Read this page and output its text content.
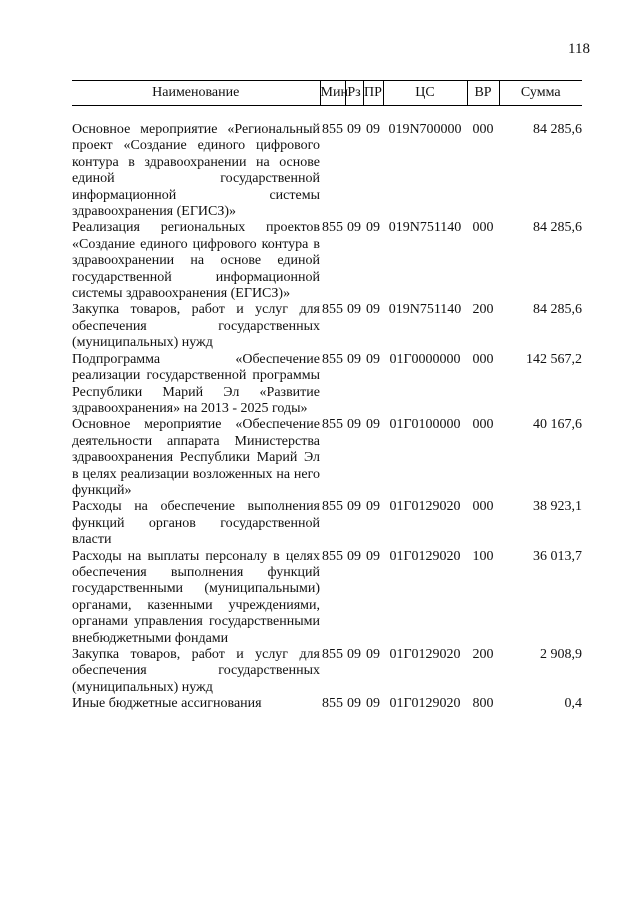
118
Наименование	Мин	Рз	ПР	ЦС	ВР	Сумма

Основное мероприятие «Региональный проект «Создание единого цифрового контура в здравоохранении на основе единой государственной информационной системы здравоохранения (ЕГИСЗ)»	855	09	09	019N700000	000	84 285,6
Реализация региональных проектов «Создание единого цифрового контура в здравоохранении на основе единой государственной информационной системы здравоохранения (ЕГИСЗ)»	855	09	09	019N751140	000	84 285,6
Закупка товаров, работ и услуг для обеспечения государственных (муниципальных) нужд	855	09	09	019N751140	200	84 285,6
Подпрограмма «Обеспечение реализации государственной программы Республики Марий Эл «Развитие здравоохранения» на 2013 - 2025 годы»	855	09	09	01Г0000000	000	142 567,2
Основное мероприятие «Обеспечение деятельности аппарата Министерства здравоохранения Республики Марий Эл в целях реализации возложенных на него функций»	855	09	09	01Г0100000	000	40 167,6
Расходы на обеспечение выполнения функций органов государственной власти	855	09	09	01Г0129020	000	38 923,1
Расходы на выплаты персоналу в целях обеспечения выполнения функций государственными (муниципальными) органами, казенными учреждениями, органами управления государственными внебюджетными фондами	855	09	09	01Г0129020	100	36 013,7
Закупка товаров, работ и услуг для обеспечения государственных (муниципальных) нужд	855	09	09	01Г0129020	200	2 908,9
Иные бюджетные ассигнования	855	09	09	01Г0129020	800	0,4
